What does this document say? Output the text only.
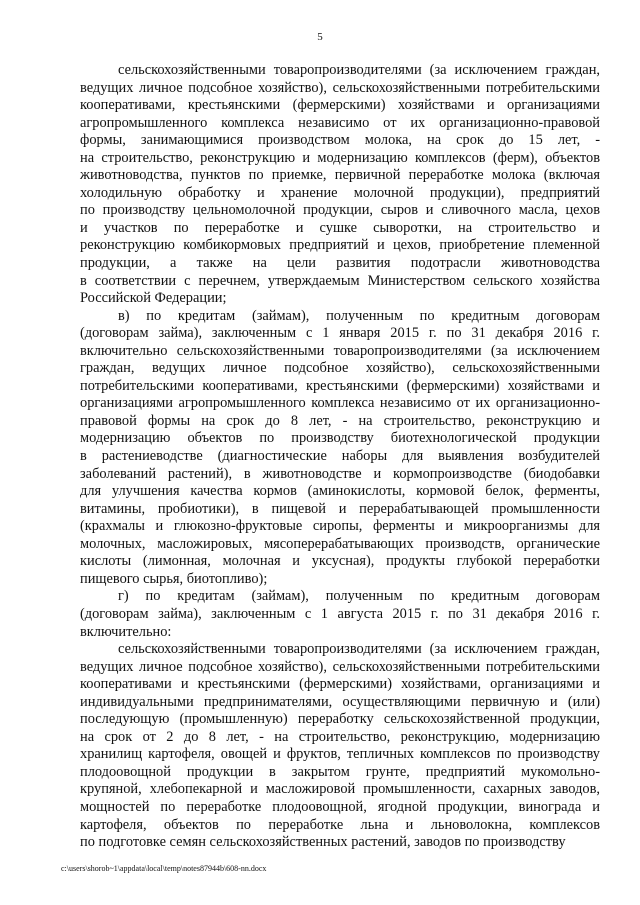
5
сельскохозяйственными товаропроизводителями (за исключением граждан,
ведущих личное подсобное хозяйство), сельскохозяйственными потребительскими
кооперативами, крестьянскими (фермерскими) хозяйствами и организациями
агропромышленного комплекса независимо от их организационно-правовой
формы, занимающимися производством молока, на срок до 15 лет, -
на строительство, реконструкцию и модернизацию комплексов (ферм), объектов
животноводства, пунктов по приемке, первичной переработке молока (включая
холодильную обработку и хранение молочной продукции), предприятий
по производству цельномолочной продукции, сыров и сливочного масла, цехов
и участков по переработке и сушке сыворотки, на строительство и
реконструкцию комбикормовых предприятий и цехов, приобретение племенной
продукции, а также на цели развития подотрасли животноводства
в соответствии с перечнем, утверждаемым Министерством сельского хозяйства
Российской Федерации;
в) по кредитам (займам), полученным по кредитным договорам
(договорам займа), заключенным с 1 января 2015 г. по 31 декабря 2016 г.
включительно сельскохозяйственными товаропроизводителями (за исключением
граждан, ведущих личное подсобное хозяйство), сельскохозяйственными
потребительскими кооперативами, крестьянскими (фермерскими) хозяйствами и
организациями агропромышленного комплекса независимо от их организационно-
правовой формы на срок до 8 лет, - на строительство, реконструкцию и
модернизацию объектов по производству биотехнологической продукции
в растениеводстве (диагностические наборы для выявления возбудителей
заболеваний растений), в животноводстве и кормопроизводстве (биодобавки
для улучшения качества кормов (аминокислоты, кормовой белок, ферменты,
витамины, пробиотики), в пищевой и перерабатывающей промышленности
(крахмалы и глюкозно-фруктовые сиропы, ферменты и микроорганизмы для
молочных, масложировых, мясоперерабатывающих производств, органические
кислоты (лимонная, молочная и уксусная), продукты глубокой переработки
пищевого сырья, биотопливо);
г) по кредитам (займам), полученным по кредитным договорам
(договорам займа), заключенным с 1 августа 2015 г. по 31 декабря 2016 г.
включительно:
сельскохозяйственными товаропроизводителями (за исключением граждан,
ведущих личное подсобное хозяйство), сельскохозяйственными потребительскими
кооперативами и крестьянскими (фермерскими) хозяйствами, организациями и
индивидуальными предпринимателями, осуществляющими первичную и (или)
последующую (промышленную) переработку сельскохозяйственной продукции,
на срок от 2 до 8 лет, - на строительство, реконструкцию, модернизацию
хранилищ картофеля, овощей и фруктов, тепличных комплексов по производству
плодоовощной продукции в закрытом грунте, предприятий мукомольно-
крупяной, хлебопекарной и масложировой промышленности, сахарных заводов,
мощностей по переработке плодоовощной, ягодной продукции, винограда и
картофеля, объектов по переработке льна и льноволокна, комплексов
по подготовке семян сельскохозяйственных растений, заводов по производству
c:\users\shorob~1\appdata\local\temp\notes87944b\608-nn.docx
